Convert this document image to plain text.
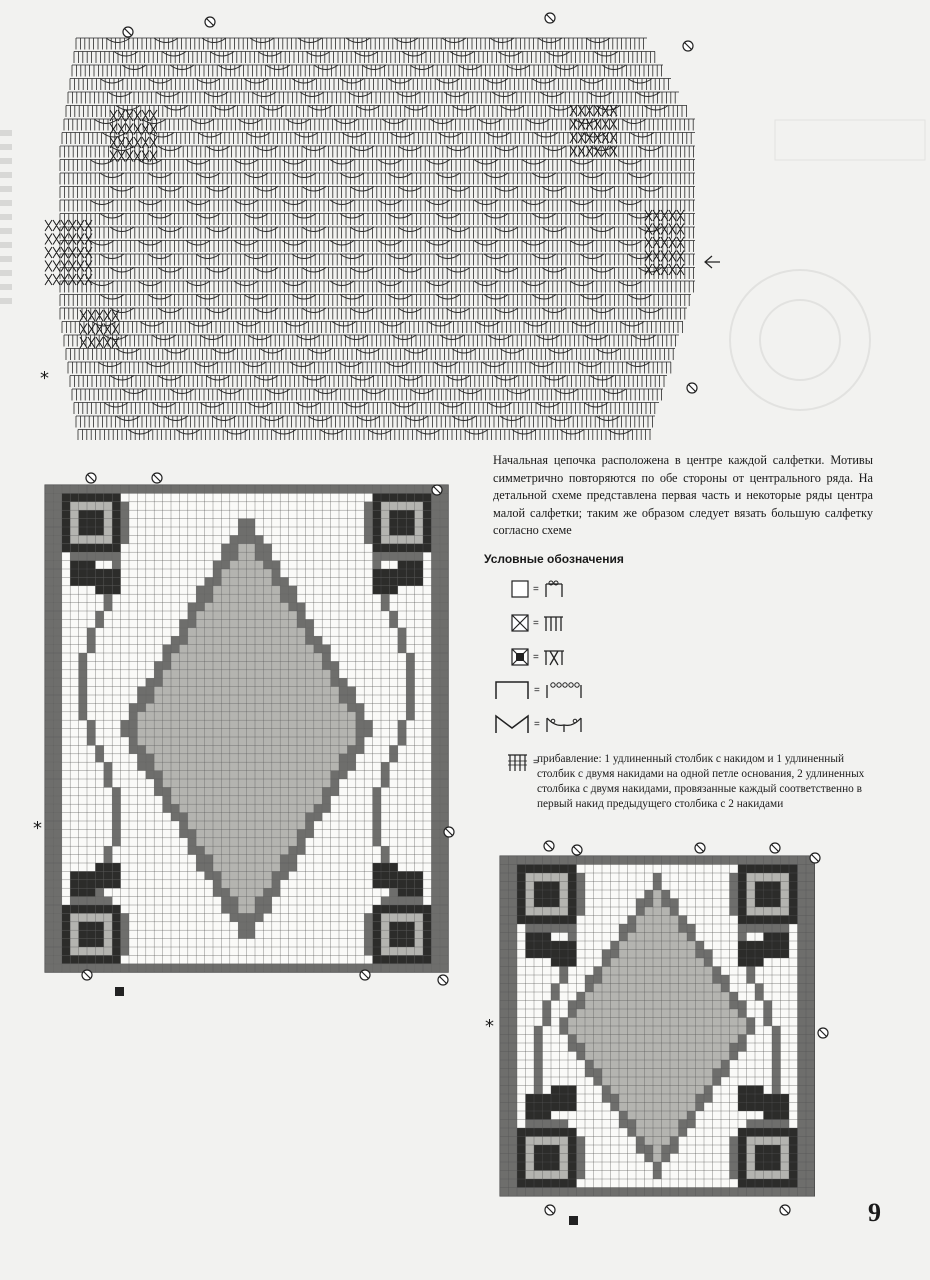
*
*
*
Начальная цепочка расположена в центре каждой салфетки. Мотивы симметрично повторяются по обе стороны от центрального ряда. На детальной схеме представлена первая часть и некоторые ряды центра малой салфетки; таким же образом следует вязать большую салфетку согласно схеме
Условные обозначения
=
=
=
=
=
=
прибавление: 1 удлиненный столбик с накидом и 1 удлиненный столбик с двумя накидами на одной петле основания, 2 удлиненных столбика с двумя накидами, провязанные каждый соответственно в первый накид предыдущего столбика с 2 накидами
9
